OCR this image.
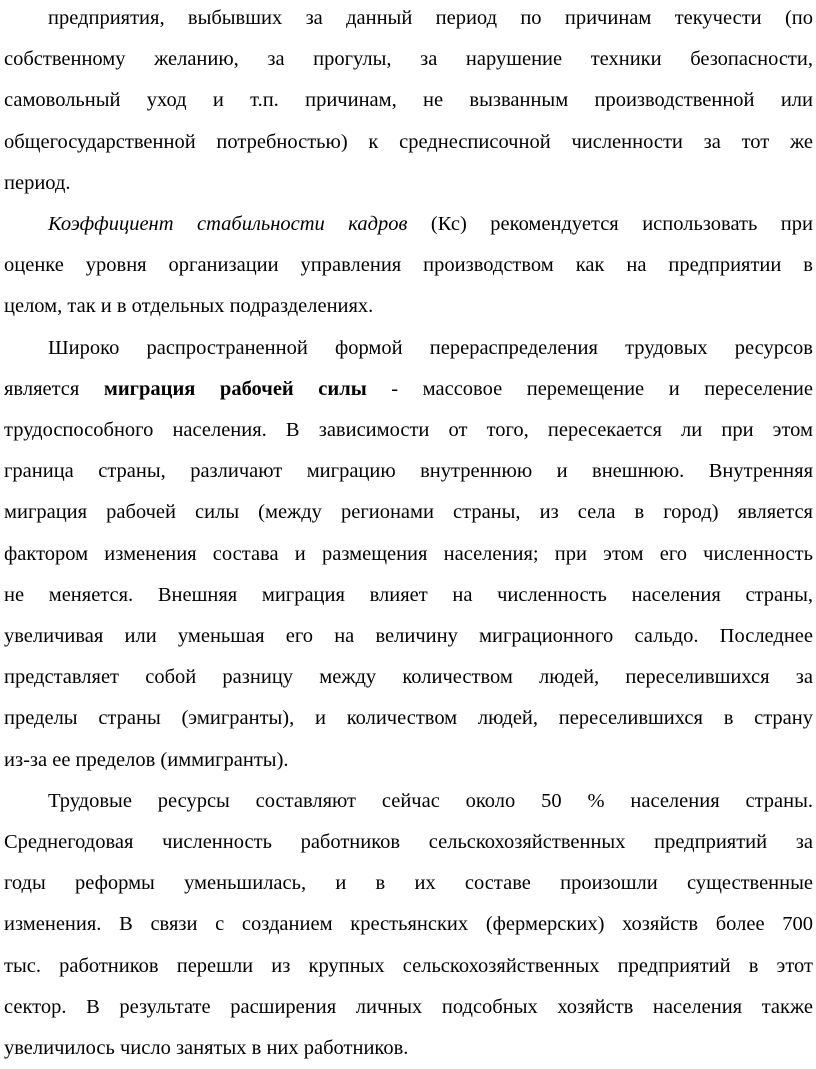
предприятия, выбывших за данный период по причинам текучести (по
собственному желанию, за прогулы, за нарушение техники безопасности,
самовольный уход и т.п. причинам, не вызванным производственной или
общегосударственной потребностью) к среднесписочной численности за тот же
период.
Коэффициент стабильности кадров (Кс) рекомендуется использовать при
оценке уровня организации управления производством как на предприятии в
целом, так и в отдельных подразделениях.
Широко распространенной формой перераспределения трудовых ресурсов
является миграция рабочей силы - массовое перемещение и переселение
трудоспособного населения. В зависимости от того, пересекается ли при этом
граница страны, различают миграцию внутреннюю и внешнюю. Внутренняя
миграция рабочей силы (между регионами страны, из села в город) является
фактором изменения состава и размещения населения; при этом его численность
не меняется. Внешняя миграция влияет на численность населения страны,
увеличивая или уменьшая его на величину миграционного сальдо. Последнее
представляет собой разницу между количеством людей, переселившихся за
пределы страны (эмигранты), и количеством людей, переселившихся в страну
из-за ее пределов (иммигранты).
Трудовые ресурсы составляют сейчас около 50 % населения страны.
Среднегодовая численность работников сельскохозяйственных предприятий за
годы реформы уменьшилась, и в их составе произошли существенные
изменения. В связи с созданием крестьянских (фермерских) хозяйств более 700
тыс. работников перешли из крупных сельскохозяйственных предприятий в этот
сектор. В результате расширения личных подсобных хозяйств населения также
увеличилось число занятых в них работников.
